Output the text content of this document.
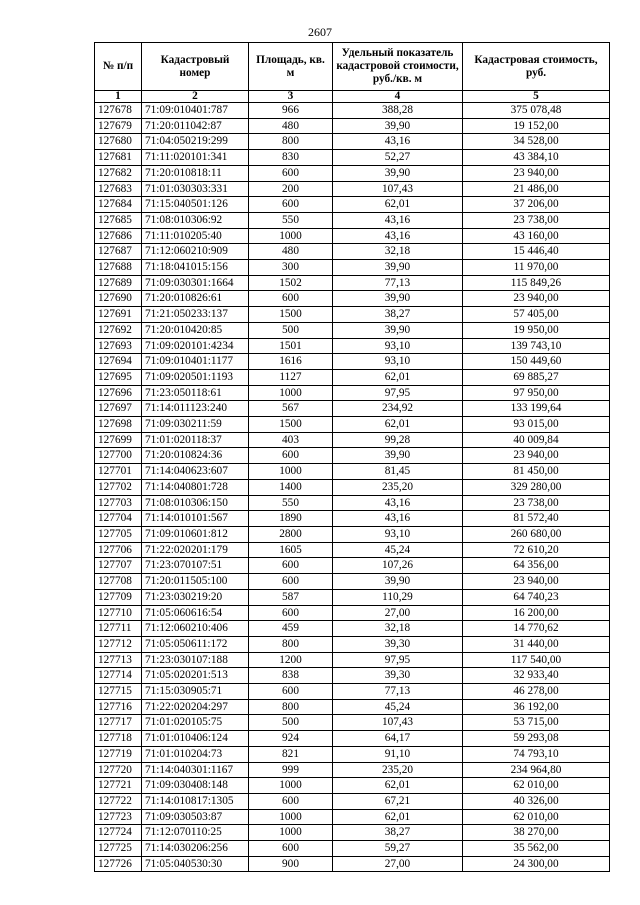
2607
№ п/п	Кадастровый номер	Площадь, кв. м	Удельный показатель кадастровой стоимости, руб./кв. м	Кадастровая стоимость, руб.
1	2	3	4	5
127678	71:09:010401:787	966	388,28	375 078,48
127679	71:20:011042:87	480	39,90	19 152,00
127680	71:04:050219:299	800	43,16	34 528,00
127681	71:11:020101:341	830	52,27	43 384,10
127682	71:20:010818:11	600	39,90	23 940,00
127683	71:01:030303:331	200	107,43	21 486,00
127684	71:15:040501:126	600	62,01	37 206,00
127685	71:08:010306:92	550	43,16	23 738,00
127686	71:11:010205:40	1000	43,16	43 160,00
127687	71:12:060210:909	480	32,18	15 446,40
127688	71:18:041015:156	300	39,90	11 970,00
127689	71:09:030301:1664	1502	77,13	115 849,26
127690	71:20:010826:61	600	39,90	23 940,00
127691	71:21:050233:137	1500	38,27	57 405,00
127692	71:20:010420:85	500	39,90	19 950,00
127693	71:09:020101:4234	1501	93,10	139 743,10
127694	71:09:010401:1177	1616	93,10	150 449,60
127695	71:09:020501:1193	1127	62,01	69 885,27
127696	71:23:050118:61	1000	97,95	97 950,00
127697	71:14:011123:240	567	234,92	133 199,64
127698	71:09:030211:59	1500	62,01	93 015,00
127699	71:01:020118:37	403	99,28	40 009,84
127700	71:20:010824:36	600	39,90	23 940,00
127701	71:14:040623:607	1000	81,45	81 450,00
127702	71:14:040801:728	1400	235,20	329 280,00
127703	71:08:010306:150	550	43,16	23 738,00
127704	71:14:010101:567	1890	43,16	81 572,40
127705	71:09:010601:812	2800	93,10	260 680,00
127706	71:22:020201:179	1605	45,24	72 610,20
127707	71:23:070107:51	600	107,26	64 356,00
127708	71:20:011505:100	600	39,90	23 940,00
127709	71:23:030219:20	587	110,29	64 740,23
127710	71:05:060616:54	600	27,00	16 200,00
127711	71:12:060210:406	459	32,18	14 770,62
127712	71:05:050611:172	800	39,30	31 440,00
127713	71:23:030107:188	1200	97,95	117 540,00
127714	71:05:020201:513	838	39,30	32 933,40
127715	71:15:030905:71	600	77,13	46 278,00
127716	71:22:020204:297	800	45,24	36 192,00
127717	71:01:020105:75	500	107,43	53 715,00
127718	71:01:010406:124	924	64,17	59 293,08
127719	71:01:010204:73	821	91,10	74 793,10
127720	71:14:040301:1167	999	235,20	234 964,80
127721	71:09:030408:148	1000	62,01	62 010,00
127722	71:14:010817:1305	600	67,21	40 326,00
127723	71:09:030503:87	1000	62,01	62 010,00
127724	71:12:070110:25	1000	38,27	38 270,00
127725	71:14:030206:256	600	59,27	35 562,00
127726	71:05:040530:30	900	27,00	24 300,00
